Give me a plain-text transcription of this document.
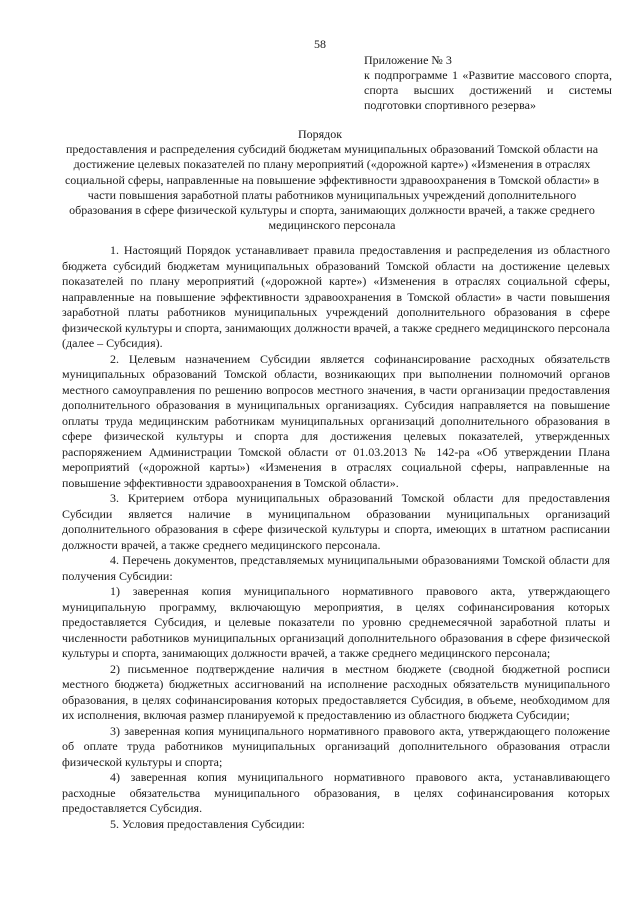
58
Приложение № 3
к подпрограмме 1 «Развитие массового спорта, спорта высших достижений и системы подготовки спортивного резерва»
Порядок
предоставления и распределения субсидий бюджетам муниципальных образований Томской области на достижение целевых показателей по плану мероприятий («дорожной карте») «Изменения в отраслях социальной сферы, направленные на повышение эффективности здравоохранения в Томской области» в части повышения заработной платы работников муниципальных учреждений дополнительного образования в сфере физической культуры и спорта, занимающих должности врачей, а также среднего медицинского персонала

1. Настоящий Порядок устанавливает правила предоставления и распределения из областного бюджета субсидий бюджетам муниципальных образований Томской области на достижение целевых показателей по плану мероприятий («дорожной карте») «Изменения в отраслях социальной сферы, направленные на повышение эффективности здравоохранения в Томской области» в части повышения заработной платы работников муниципальных учреждений дополнительного образования в сфере физической культуры и спорта, занимающих должности врачей, а также среднего медицинского персонала (далее – Субсидия).

2. Целевым назначением Субсидии является софинансирование расходных обязательств муниципальных образований Томской области, возникающих при выполнении полномочий органов местного самоуправления по решению вопросов местного значения, в части организации предоставления дополнительного образования в муниципальных организациях. Субсидия направляется на повышение оплаты труда медицинским работникам муниципальных организаций дополнительного образования в сфере физической культуры и спорта для достижения целевых показателей, утвержденных распоряжением Администрации Томской области от 01.03.2013 № 142-ра «Об утверждении Плана мероприятий («дорожной карты») «Изменения в отраслях социальной сферы, направленные на повышение эффективности здравоохранения в Томской области».

3. Критерием отбора муниципальных образований Томской области для предоставления Субсидии является наличие в муниципальном образовании муниципальных организаций дополнительного образования в сфере физической культуры и спорта, имеющих в штатном расписании должности врачей, а также среднего медицинского персонала.

4. Перечень документов, представляемых муниципальными образованиями Томской области для получения Субсидии:

1) заверенная копия муниципального нормативного правового акта, утверждающего муниципальную программу, включающую мероприятия, в целях софинансирования которых предоставляется Субсидия, и целевые показатели по уровню среднемесячной заработной платы и численности работников муниципальных организаций дополнительного образования в сфере физической культуры и спорта, занимающих должности врачей, а также среднего медицинского персонала;

2) письменное подтверждение наличия в местном бюджете (сводной бюджетной росписи местного бюджета) бюджетных ассигнований на исполнение расходных обязательств муниципального образования, в целях софинансирования которых предоставляется Субсидия, в объеме, необходимом для их исполнения, включая размер планируемой к предоставлению из областного бюджета Субсидии;

3) заверенная копия муниципального нормативного правового акта, утверждающего положение об оплате труда работников муниципальных организаций дополнительного образования отрасли физической культуры и спорта;

4) заверенная копия муниципального нормативного правового акта, устанавливающего расходные обязательства муниципального образования, в целях софинансирования которых предоставляется Субсидия.

5. Условия предоставления Субсидии:
